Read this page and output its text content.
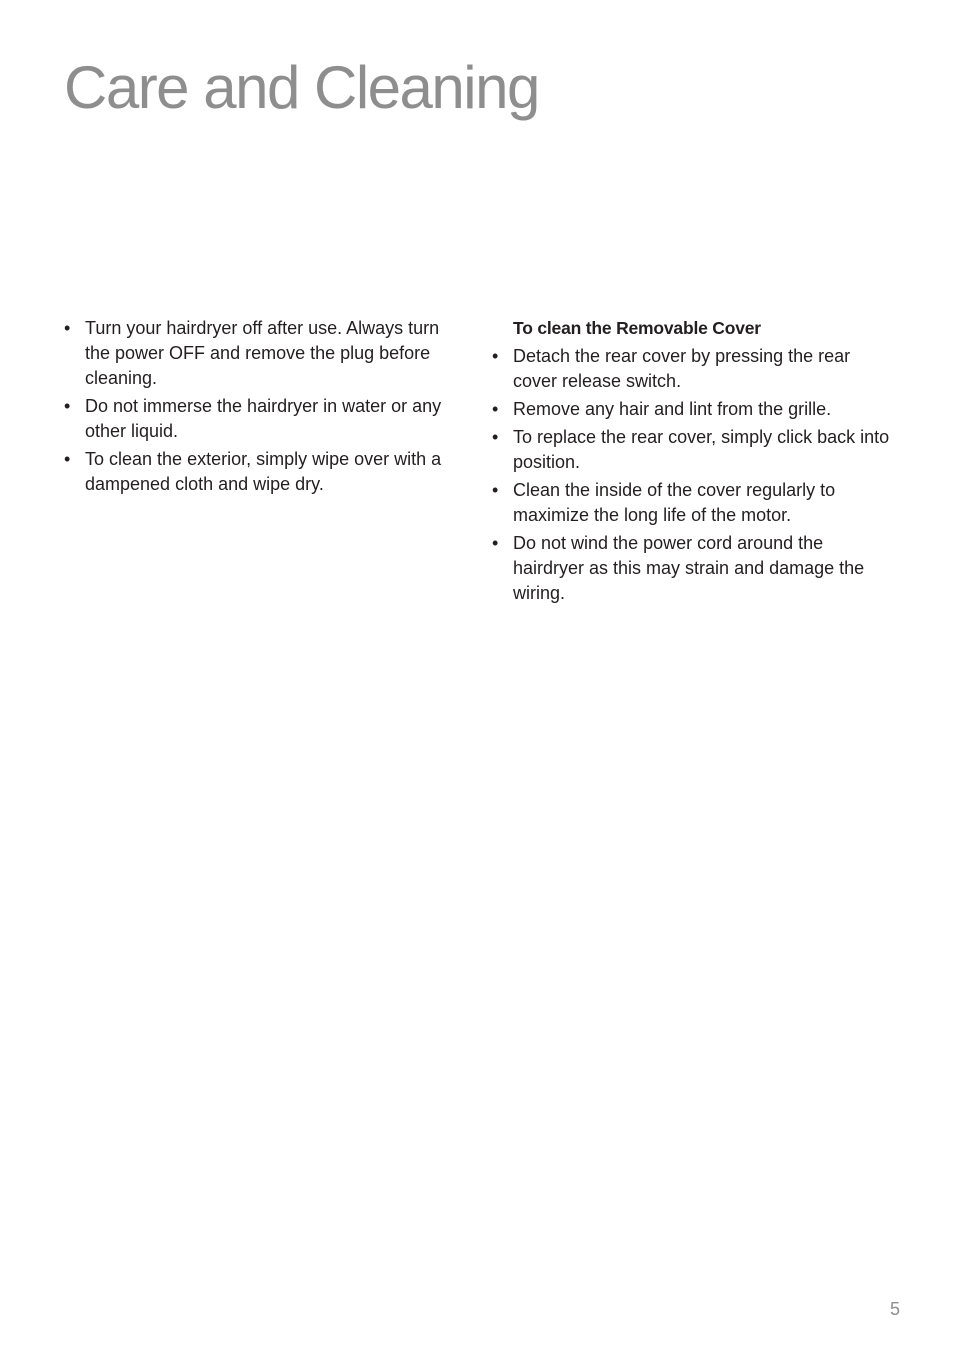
Care and Cleaning
• Turn your hairdryer off after use. Always turn the power OFF and remove the plug before cleaning.
• Do not immerse the hairdryer in water or any other liquid.
• To clean the exterior, simply wipe over with a dampened cloth and wipe dry.
To clean the Removable Cover
• Detach the rear cover by pressing the rear cover release switch.
• Remove any hair and lint from the grille.
• To replace the rear cover, simply click back into position.
• Clean the inside of the cover regularly to maximize the long life of the motor.
• Do not wind the power cord around the hairdryer as this may strain and damage the wiring.
5
